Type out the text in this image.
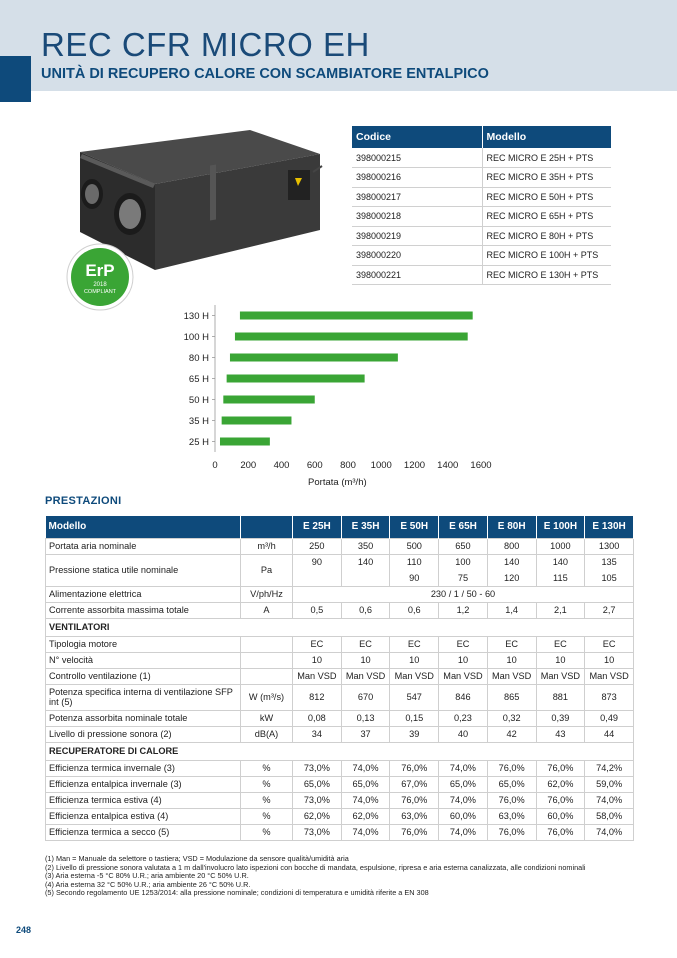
REC CFR MICRO EH
UNITÀ DI RECUPERO CALORE CON SCAMBIATORE ENTALPICO
ErP
2018
COMPLIANT
Codice	Modello
398000215	REC MICRO E 25H + PTS
398000216	REC MICRO E 35H + PTS
398000217	REC MICRO E 50H + PTS
398000218	REC MICRO E 65H + PTS
398000219	REC MICRO E 80H + PTS
398000220	REC MICRO E 100H + PTS
398000221	REC MICRO E 130H + PTS
130 H
100 H
80 H
65 H
50 H
35 H
25 H
0 200 400 600 800 1000 1200 1400 1600
Portata (m³/h)
PRESTAZIONI
Modello		E 25H	E 35H	E 50H	E 65H	E 80H	E 100H	E 130H
Portata aria nominale	m³/h	250	350	500	650	800	1000	1300
Pressione statica utile nominale	Pa	90	140	110	100	140	140	135
				90	75	120	115	105
Alimentazione elettrica	V/ph/Hz	230 / 1 / 50 - 60						
Corrente assorbita massima totale	A	0,5	0,6	0,6	1,2	1,4	2,1	2,7
VENTILATORI								
Tipologia motore		EC	EC	EC	EC	EC	EC	EC
N° velocità		10	10	10	10	10	10	10
Controllo ventilazione (1)		Man VSD	Man VSD	Man VSD	Man VSD	Man VSD	Man VSD	Man VSD
Potenza specifica interna di ventilazione SFP int (5)	W (m³/s)	812	670	547	846	865	881	873
Potenza assorbita nominale totale	kW	0,08	0,13	0,15	0,23	0,32	0,39	0,49
Livello di pressione sonora (2)	dB(A)	34	37	39	40	42	43	44
RECUPERATORE DI CALORE								
Efficienza termica invernale (3)	%	73,0%	74,0%	76,0%	74,0%	76,0%	76,0%	74,2%
Efficienza entalpica invernale (3)	%	65,0%	65,0%	67,0%	65,0%	65,0%	62,0%	59,0%
Efficienza termica estiva (4)	%	73,0%	74,0%	76,0%	74,0%	76,0%	76,0%	74,0%
Efficienza entalpica estiva (4)	%	62,0%	62,0%	63,0%	60,0%	63,0%	60,0%	58,0%
Efficienza termica a secco (5)	%	73,0%	74,0%	76,0%	74,0%	76,0%	76,0%	74,0%
(1) Man = Manuale da selettore o tastiera; VSD = Modulazione da sensore qualità/umidità aria
(2) Livello di pressione sonora valutata a 1 m dall'involucro lato ispezioni con bocche di mandata, espulsione, ripresa e aria esterna canalizzata, alle condizioni nominali
(3) Aria esterna -5 °C 80% U.R.; aria ambiente 20 °C 50% U.R.
(4) Aria esterna 32 °C 50% U.R.; aria ambiente 26 °C 50% U.R.
(5) Secondo regolamento UE 1253/2014: alla pressione nominale; condizioni di temperatura e umidità riferite a EN 308
248
